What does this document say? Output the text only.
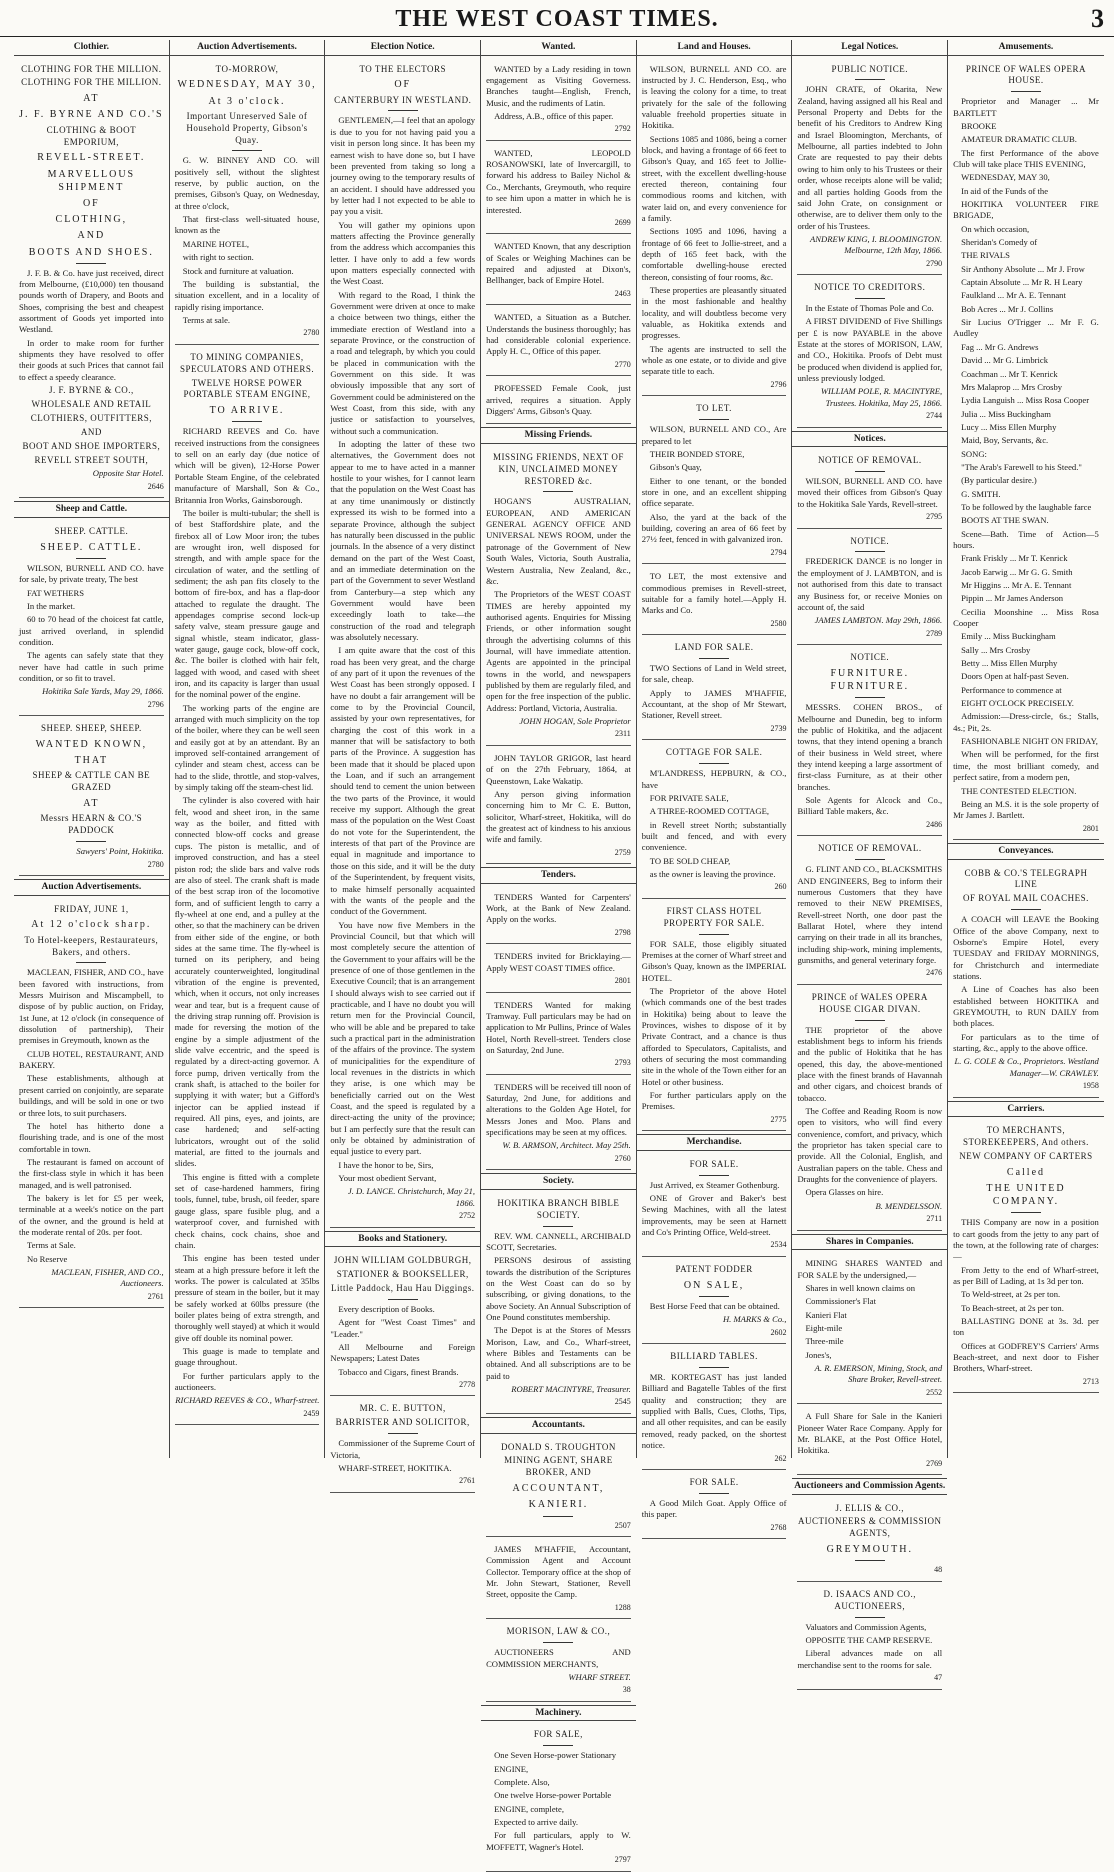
THE WEST COAST TIMES.	3
Clothier.
CLOTHING FOR THE MILLION.
CLOTHING FOR THE MILLION.
AT
J. F. BYRNE AND CO.'S
CLOTHING & BOOT EMPORIUM,
REVELL-STREET.
MARVELLOUS SHIPMENT
OF
CLOTHING,
AND
BOOTS AND SHOES.

J. F. B. & Co. have just received, direct from Melbourne, (£10,000) ten thousand pounds worth of Drapery, and Boots and Shoes, comprising the best and cheapest assortment of Goods yet imported into Westland.

In order to make room for further shipments they have resolved to offer their goods at such Prices that cannot fail to effect a speedy clearance.

J. F. BYRNE & CO.,
WHOLESALE AND RETAIL
CLOTHIERS, OUTFITTERS,
AND
BOOT AND SHOE IMPORTERS,
REVELL STREET SOUTH,
Opposite Star Hotel.
2646
Sheep and Cattle.
SHEEP. CATTLE.
SHEEP. CATTLE.

WILSON, BURNELL AND CO. have for sale, by private treaty, The best

FAT WETHERS

In the market.

60 to 70 head of the choicest fat cattle, just arrived overland, in splendid condition.

The agents can safely state that they never have had cattle in such prime condition, or so fit to travel.

Hokitika Sale Yards, May 29, 1866.
2796
SHEEP. SHEEP, SHEEP.
WANTED KNOWN,
THAT
SHEEP & CATTLE CAN BE GRAZED
AT
Messrs HEARN & CO.'S PADDOCK
Sawyers' Point, Hokitika.
2780
Auction Advertisements.
FRIDAY, JUNE 1,
At 12 o'clock sharp.
To Hotel-keepers, Restaurateurs, Bakers, and others.

MACLEAN, FISHER, AND CO., have been favored with instructions, from Messrs Muirison and Miscampbell, to dispose of by public auction, on Friday, 1st June, at 12 o'clock (in consequence of dissolution of partnership), Their premises in Greymouth, known as the

CLUB HOTEL, RESTAURANT, AND BAKERY.

These establishments, although at present carried on conjointly, are separate buildings, and will be sold in one or two or three lots, to suit purchasers.

The hotel has hitherto done a flourishing trade, and is one of the most comfortable in town.

The restaurant is famed on account of the first-class style in which it has been managed, and is well patronised.

The bakery is let for £5 per week, terminable at a week's notice on the part of the owner, and the ground is held at the moderate rental of 20s. per foot.

Terms at Sale.

No Reserve

MACLEAN, FISHER, AND CO., Auctioneers.
2761
Auction Advertisements.
TO-MORROW,
WEDNESDAY, MAY 30,
At 3 o'clock.
Important Unreserved Sale of Household Property, Gibson's Quay.

G. W. BINNEY AND CO. will positively sell, without the slightest reserve, by public auction, on the premises, Gibson's Quay, on Wednesday, at three o'clock,

That first-class well-situated house, known as the

MARINE HOTEL,

with right to section.

Stock and furniture at valuation.

The building is substantial, the situation excellent, and in a locality of rapidly rising importance.

Terms at sale.

2780
TO MINING COMPANIES, SPECULATORS AND OTHERS.
TWELVE HORSE POWER PORTABLE STEAM ENGINE,
TO ARRIVE.

RICHARD REEVES and Co. have received instructions from the consignees to sell on an early day (due notice of which will be given), 12-Horse Power Portable Steam Engine, of the celebrated manufacture of Marshall, Son & Co., Britannia Iron Works, Gainsborough.

The boiler is multi-tubular; the shell is of best Staffordshire plate, and the firebox all of Low Moor iron; the tubes are wrought iron, well disposed for strength, and with ample space for the circulation of water, and the settling of sediment; the ash pan fits closely to the bottom of fire-box, and has a flap-door attached to regulate the draught. The appendages comprise second lock-up safety valve, steam pressure gauge and signal whistle, steam indicator, glass-water gauge, gauge cock, blow-off cock, &c. The boiler is clothed with hair felt, lagged with wood, and cased with sheet iron, and its capacity is larger than usual for the nominal power of the engine.

The working parts of the engine are arranged with much simplicity on the top of the boiler, where they can be well seen and easily got at by an attendant. By an improved self-contained arrangement of cylinder and steam chest, access can be had to the slide, throttle, and stop-valves, by simply taking off the steam-chest lid.

The cylinder is also covered with hair felt, wood and sheet iron, in the same way as the boiler, and fitted with connected blow-off cocks and grease cups. The piston is metallic, and of improved construction, and has a steel piston rod; the slide bars and valve rods are also of steel. The crank shaft is made of the best scrap iron of the locomotive form, and of sufficient length to carry a fly-wheel at one end, and a pulley at the other, so that the machinery can be driven from either side of the engine, or both sides at the same time. The fly-wheel is turned on its periphery, and being accurately counterweighted, longitudinal vibration of the engine is prevented, which, when it occurs, not only increases wear and tear, but is a frequent cause of the driving strap running off. Provision is made for reversing the motion of the engine by a simple adjustment of the slide valve eccentric, and the speed is regulated by a direct-acting governor. A force pump, driven vertically from the crank shaft, is attached to the boiler for supplying it with water; but a Gifford's injector can be applied instead if required. All pins, eyes, and joints, are case hardened; and self-acting lubricators, wrought out of the solid material, are fitted to the journals and slides.

This engine is fitted with a complete set of case-hardened hammers, firing tools, funnel, tube, brush, oil feeder, spare gauge glass, spare fusible plug, and a waterproof cover, and furnished with check chains, cock chains, shoe and chain.

This engine has been tested under steam at a high pressure before it left the works. The power is calculated at 35lbs pressure of steam in the boiler, but it may be safely worked at 60lbs pressure (the boiler plates being of extra strength, and thoroughly well stayed) at which it would give off double its nominal power.

This guage is made to template and guage throughout.

For further particulars apply to the auctioneers.

RICHARD REEVES & CO., Wharf-street.
2459
Election Notice.
TO THE ELECTORS
OF
CANTERBURY IN WESTLAND.

GENTLEMEN,—I feel that an apology is due to you for not having paid you a visit in person long since. It has been my earnest wish to have done so, but I have been prevented from taking so long a journey owing to the temporary results of an accident. I should have addressed you by letter had I not expected to be able to pay you a visit.

You will gather my opinions upon matters affecting the Province generally from the address which accompanies this letter. I have only to add a few words upon matters especially connected with the West Coast.

With regard to the Road, I think the Government were driven at once to make a choice between two things, either the immediate erection of Westland into a separate Province, or the construction of a road and telegraph, by which you could be placed in communication with the Government on this side. It was obviously impossible that any sort of Government could be administered on the West Coast, from this side, with any justice or satisfaction to yourselves, without such a communication.

In adopting the latter of these two alternatives, the Government does not appear to me to have acted in a manner hostile to your wishes, for I cannot learn that the population on the West Coast has at any time unanimously or distinctly expressed its wish to be formed into a separate Province, although the subject has naturally been discussed in the public journals. In the absence of a very distinct demand on the part of the West Coast, and an immediate determination on the part of the Government to sever Westland from Canterbury—a step which any Government would have been exceedingly loath to take—the construction of the road and telegraph was absolutely necessary.

I am quite aware that the cost of this road has been very great, and the charge of any part of it upon the revenues of the West Coast has been strongly opposed. I have no doubt a fair arrangement will be come to by the Provincial Council, assisted by your own representatives, for charging the cost of this work in a manner that will be satisfactory to both parts of the Province. A suggestion has been made that it should be placed upon the Loan, and if such an arrangement should tend to cement the union between the two parts of the Province, it would receive my support. Although the great mass of the population on the West Coast do not vote for the Superintendent, the interests of that part of the Province are equal in magnitude and importance to those on this side, and it will be the duty of the Superintendent, by frequent visits, to make himself personally acquainted with the wants of the people and the conduct of the Government.

You have now five Members in the Provincial Council, but that which will most completely secure the attention of the Government to your affairs will be the presence of one of those gentlemen in the Executive Council; that is an arrangement I should always wish to see carried out if practicable, and I have no doubt you will return men for the Provincial Council, who will be able and be prepared to take such a practical part in the administration of the affairs of the province. The system of municipalities for the expenditure of local revenues in the districts in which they arise, is one which may be beneficially carried out on the West Coast, and the speed is regulated by a direct-acting the unity of the province; but I am perfectly sure that the result can only be obtained by administration of equal justice to every part.

I have the honor to be, Sirs,

Your most obedient Servant,

J. D. LANCE. Christchurch, May 21, 1866.
2752
Books and Stationery.
JOHN WILLIAM GOLDBURGH,
STATIONER & BOOKSELLER,
Little Paddock, Hau Hau Diggings.

Every description of Books.

Agent for "West Coast Times" and "Leader."

All Melbourne and Foreign Newspapers; Latest Dates

Tobacco and Cigars, finest Brands.

2778
MR. C. E. BUTTON,
BARRISTER AND SOLICITOR,

Commissioner of the Supreme Court of Victoria,

WHARF-STREET, HOKITIKA.

2761
Wanted.

WANTED by a Lady residing in town engagement as Visiting Governess. Branches taught—English, French, Music, and the rudiments of Latin.

Address, A.B., office of this paper.

2792

WANTED, LEOPOLD ROSANOWSKI, late of Invercargill, to forward his address to Bailey Nichol & Co., Merchants, Greymouth, who require to see him upon a matter in which he is interested.

2699

WANTED Known, that any description of Scales or Weighing Machines can be repaired and adjusted at Dixon's, Bellhanger, back of Empire Hotel.

2463

WANTED, a Situation as a Butcher. Understands the business thoroughly; has had considerable colonial experience. Apply H. C., Office of this paper.

2770

PROFESSED Female Cook, just arrived, requires a situation. Apply Diggers' Arms, Gibson's Quay.

Missing Friends.
MISSING FRIENDS, NEXT OF KIN, UNCLAIMED MONEY RESTORED &c.

HOGAN'S AUSTRALIAN, EUROPEAN, AND AMERICAN GENERAL AGENCY OFFICE AND UNIVERSAL NEWS ROOM, under the patronage of the Government of New South Wales, Victoria, South Australia, Western Australia, New Zealand, &c., &c.

The Proprietors of the WEST COAST TIMES are hereby appointed my authorised agents. Enquiries for Missing Friends, or other information sought through the advertising columns of this Journal, will have immediate attention. Agents are appointed in the principal towns in the world, and newspapers published by them are regularly filed, and open for the free inspection of the public. Address: Portland, Victoria, Australia.

JOHN HOGAN, Sole Proprietor
2311

JOHN TAYLOR GRIGOR, last heard of on the 27th February, 1864, at Queenstown, Lake Wakatip.

Any person giving information concerning him to Mr C. E. Button, solicitor, Wharf-street, Hokitika, will do the greatest act of kindness to his anxious wife and family.

2759
Tenders.

TENDERS Wanted for Carpenters' Work, at the Bank of New Zealand. Apply on the works.

2798

TENDERS invited for Bricklaying.—Apply WEST COAST TIMES office.

2801

TENDERS Wanted for making Tramway. Full particulars may be had on application to Mr Pullins, Prince of Wales Hotel, North Revell-street. Tenders close on Saturday, 2nd June.

2793

TENDERS will be received till noon of Saturday, 2nd June, for additions and alterations to the Golden Age Hotel, for Messrs Jones and Moo. Plans and specifications may be seen at my offices.

W. B. ARMSON, Architect. May 25th.
2760
Society.
HOKITIKA BRANCH BIBLE SOCIETY.

REV. WM. CANNELL, ARCHIBALD SCOTT, Secretaries.

PERSONS desirous of assisting towards the distribution of the Scriptures on the West Coast can do so by subscribing, or giving donations, to the above Society. An Annual Subscription of One Pound constitutes membership.

The Depot is at the Stores of Messrs Morison, Law, and Co., Wharf-street, where Bibles and Testaments can be obtained. And all subscriptions are to be paid to

ROBERT MACINTYRE, Treasurer.
2545
Accountants.
DONALD S. TROUGHTON
MINING AGENT, SHARE BROKER, AND
ACCOUNTANT,
KANIERI.
2507

JAMES M'HAFFIE, Accountant, Commission Agent and Account Collector. Temporary office at the shop of Mr. John Stewart, Stationer, Revell Street, opposite the Camp.

1288
MORISON, LAW & CO.,

AUCTIONEERS AND COMMISSION MERCHANTS,

WHARF STREET.
38
Machinery.
FOR SALE,

One Seven Horse-power Stationary

ENGINE,

Complete. Also,

One twelve Horse-power Portable

ENGINE, complete,

Expected to arrive daily.

For full particulars, apply to W. MOFFETT, Wagner's Hotel.

2797
Land and Houses.

WILSON, BURNELL AND CO. are instructed by J. C. Henderson, Esq., who is leaving the colony for a time, to treat privately for the sale of the following valuable freehold properties situate in Hokitika.

Sections 1085 and 1086, being a corner block, and having a frontage of 66 feet to Gibson's Quay, and 165 feet to Jollie-street, with the excellent dwelling-house erected thereon, containing four commodious rooms and kitchen, with water laid on, and every convenience for a family.

Sections 1095 and 1096, having a frontage of 66 feet to Jollie-street, and a depth of 165 feet back, with the comfortable dwelling-house erected thereon, consisting of four rooms, &c.

These properties are pleasantly situated in the most fashionable and healthy locality, and will doubtless become very valuable, as Hokitika extends and progresses.

The agents are instructed to sell the whole as one estate, or to divide and give separate title to each.

2796
TO LET.

WILSON, BURNELL AND CO., Are prepared to let

THEIR BONDED STORE,

Gibson's Quay,

Either to one tenant, or the bonded store in one, and an excellent shipping office separate.

Also, the yard at the back of the building, covering an area of 66 feet by 27½ feet, fenced in with galvanized iron.

2794

TO LET, the most extensive and commodious premises in Revell-street, suitable for a family hotel.—Apply H. Marks and Co.

2580
LAND FOR SALE.

TWO Sections of Land in Weld street, for sale, cheap.

Apply to JAMES M'HAFFIE, Accountant, at the shop of Mr Stewart, Stationer, Revell street.

2739
COTTAGE FOR SALE.

M'LANDRESS, HEPBURN, & CO., have

FOR PRIVATE SALE,

A THREE-ROOMED COTTAGE,

in Revell street North; substantially built and fenced, and with every convenience.

TO BE SOLD CHEAP,

as the owner is leaving the province.

260
FIRST CLASS HOTEL PROPERTY FOR SALE.

FOR SALE, those eligibly situated Premises at the corner of Wharf street and Gibson's Quay, known as the IMPERIAL HOTEL.

The Proprietor of the above Hotel (which commands one of the best trades in Hokitika) being about to leave the Provinces, wishes to dispose of it by Private Contract, and a chance is thus afforded to Speculators, Capitalists, and others of securing the most commanding site in the whole of the Town either for an Hotel or other business.

For further particulars apply on the Premises.

2775
Merchandise.
FOR SALE.

Just Arrived, ex Steamer Gothenburg.

ONE of Grover and Baker's best Sewing Machines, with all the latest improvements, may be seen at Harnett and Co's Printing Office, Weld-street.

2534
PATENT FODDER
ON SALE,

Best Horse Feed that can be obtained.

H. MARKS & Co.,
2602
BILLIARD TABLES.

MR. KORTEGAST has just landed Billiard and Bagatelle Tables of the first quality and construction; they are supplied with Balls, Cues, Cloths, Tips, and all other requisites, and can be easily removed, ready packed, on the shortest notice.

262
FOR SALE.

A Good Milch Goat. Apply Office of this paper.

2768
Legal Notices.
PUBLIC NOTICE.

JOHN CRATE, of Okarita, New Zealand, having assigned all his Real and Personal Property and Debts for the benefit of his Creditors to Andrew King and Israel Bloomington, Merchants, of Melbourne, all parties indebted to John Crate are requested to pay their debts owing to him only to his Trustees or their order, whose receipts alone will be valid; and all parties holding Goods from the said John Crate, on consignment or otherwise, are to deliver them only to the order of his Trustees.

ANDREW KING, I. BLOOMINGTON. Melbourne, 12th May, 1866.
2790
NOTICE TO CREDITORS.

In the Estate of Thomas Pole and Co.

A FIRST DIVIDEND of Five Shillings per £ is now PAYABLE in the above Estate at the stores of MORISON, LAW, and CO., Hokitika. Proofs of Debt must be produced when dividend is applied for, unless previously lodged.

WILLIAM POLE, R. MACINTYRE, Trustees. Hokitika, May 25, 1866.
2744
Notices.
NOTICE OF REMOVAL.

WILSON, BURNELL AND CO. have moved their offices from Gibson's Quay to the Hokitika Sale Yards, Revell-street.

2795
NOTICE.

FREDERICK DANCE is no longer in the employment of J. LAMBTON, and is not authorised from this date to transact any Business for, or receive Monies on account of, the said

JAMES LAMBTON. May 29th, 1866.
2789
NOTICE.
FURNITURE. FURNITURE.

MESSRS. COHEN BROS., of Melbourne and Dunedin, beg to inform the public of Hokitika, and the adjacent towns, that they intend opening a branch of their business in Weld street, where they intend keeping a large assortment of first-class Furniture, as at their other branches.

Sole Agents for Alcock and Co., Billiard Table makers, &c.

2486
NOTICE OF REMOVAL.

G. FLINT AND CO., BLACKSMITHS AND ENGINEERS, Beg to inform their numerous Customers that they have removed to their NEW PREMISES, Revell-street North, one door past the Ballarat Hotel, where they intend carrying on their trade in all its branches, including ship-work, mining implements, gunsmiths, and general veterinary forge.

2476
PRINCE of WALES OPERA HOUSE CIGAR DIVAN.

THE proprietor of the above establishment begs to inform his friends and the public of Hokitika that he has opened, this day, the above-mentioned place with the finest brands of Havannah and other cigars, and choicest brands of tobacco.

The Coffee and Reading Room is now open to visitors, who will find every convenience, comfort, and privacy, which the proprietor has taken special care to provide. All the Colonial, English, and Australian papers on the table. Chess and Draughts for the convenience of players.

Opera Glasses on hire.

B. MENDELSSON.
2711
Shares in Companies.

MINING SHARES WANTED and FOR SALE by the undersigned,—

Shares in well known claims on

Commissioner's Flat

Kanieri Flat

Eight-mile

Three-mile

Jones's,

A. R. EMERSON, Mining, Stock, and Share Broker, Revell-street.
2552

A Full Share for Sale in the Kanieri Pioneer Water Race Company. Apply for Mr. BLAKE, at the Post Office Hotel, Hokitika.

2769
Auctioneers and Commission Agents.
J. ELLIS & CO.,
AUCTIONEERS & COMMISSION AGENTS,
GREYMOUTH.
48
D. ISAACS AND CO., AUCTIONEERS,

Valuators and Commission Agents,

OPPOSITE THE CAMP RESERVE.

Liberal advances made on all merchandise sent to the rooms for sale.

47
Amusements.
PRINCE OF WALES OPERA HOUSE.

Proprietor and Manager ... Mr BARTLETT

BROOKE

AMATEUR DRAMATIC CLUB.

The first Performance of the above Club will take place THIS EVENING,

WEDNESDAY, MAY 30,

In aid of the Funds of the

HOKITIKA VOLUNTEER FIRE BRIGADE,

On which occasion,

Sheridan's Comedy of

THE RIVALS

Sir Anthony Absolute ... Mr J. Frow

Captain Absolute ... Mr R. H Leary

Faulkland ... Mr A. E. Tennant

Bob Acres ... Mr J. Collins

Sir Lucius O'Trigger ... Mr F. G. Audley

Fag ... Mr G. Andrews

David ... Mr G. Limbrick

Coachman ... Mr T. Kenrick

Mrs Malaprop ... Mrs Crosby

Lydia Languish ... Miss Rosa Cooper

Julia ... Miss Buckingham

Lucy ... Miss Ellen Murphy

Maid, Boy, Servants, &c.

SONG:

"The Arab's Farewell to his Steed."

(By particular desire.)

G. SMITH.

To be followed by the laughable farce

BOOTS AT THE SWAN.

Scene—Bath. Time of Action—5 hours.

Frank Friskly ... Mr T. Kenrick

Jacob Earwig ... Mr G. G. Smith

Mr Higgins ... Mr A. E. Tennant

Pippin ... Mr James Anderson

Cecilia Moonshine ... Miss Rosa Cooper

Emily ... Miss Buckingham

Sally ... Mrs Crosby

Betty ... Miss Ellen Murphy

Doors Open at half-past Seven.

Performance to commence at

EIGHT O'CLOCK PRECISELY.

Admission:—Dress-circle, 6s.; Stalls, 4s.; Pit, 2s.

FASHIONABLE NIGHT ON FRIDAY,

When will be performed, for the first time, the most brilliant comedy, and perfect satire, from a modern pen,

THE CONTESTED ELECTION.

Being an M.S. it is the sole property of Mr James J. Bartlett.

2801
Conveyances.
COBB & CO.'S TELEGRAPH LINE
OF ROYAL MAIL COACHES.

A COACH will LEAVE the Booking Office of the above Company, next to Osborne's Empire Hotel, every TUESDAY and FRIDAY MORNINGS, for Christchurch and intermediate stations.

A Line of Coaches has also been established between HOKITIKA and GREYMOUTH, to RUN DAILY from both places.

For particulars as to the time of starting, &c., apply to the above office.

L. G. COLE & Co., Proprietors. Westland Manager—W. CRAWLEY.
1958
Carriers.
TO MERCHANTS, STOREKEEPERS, And others.
NEW COMPANY OF CARTERS
Called
THE UNITED COMPANY.

THIS Company are now in a position to cart goods from the jetty to any part of the town, at the following rate of charges:—

From Jetty to the end of Wharf-street, as per Bill of Lading, at 1s 3d per ton.

To Weld-street, at 2s per ton.

To Beach-street, at 2s per ton.

BALLASTING DONE at 3s. 3d. per ton

Offices at GODFREY'S Carriers' Arms Beach-street, and next door to Fisher Brothers, Wharf-street.

2713
